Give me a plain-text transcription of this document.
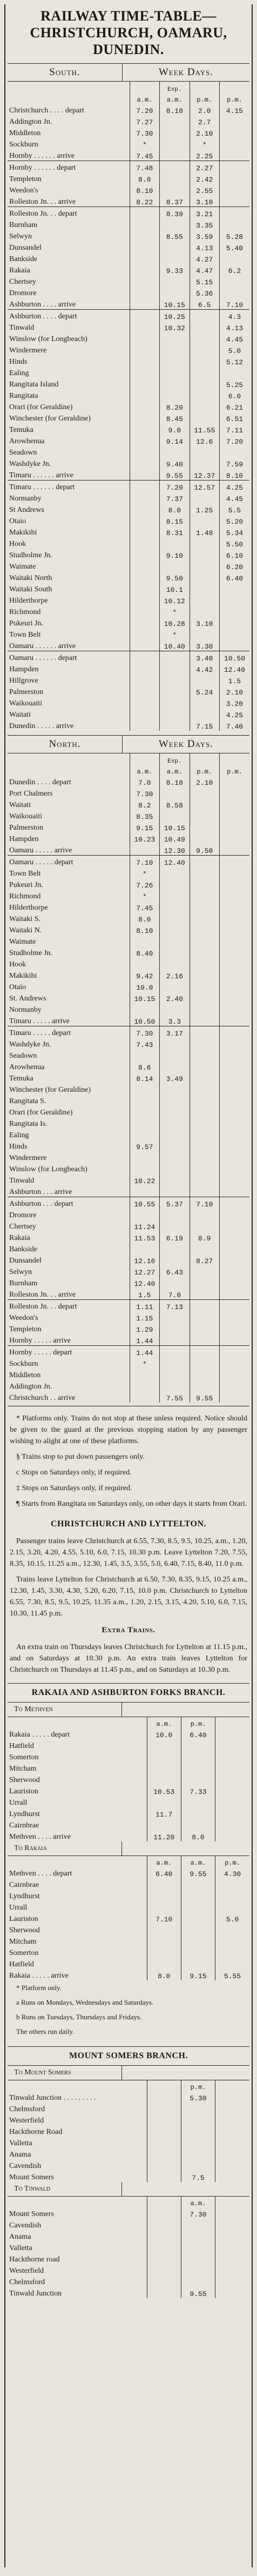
RAILWAY TIME-TABLE—CHRISTCHURCH, OAMARU, DUNEDIN.
South.	Week Days.
		Exp.		
	a.m.	a.m.	p.m.	p.m.
Christchurch . . . . depart	7.20	8.10	2.0	4.15
Addington Jn.	7.27		2.7	
Middleton	7.30		2.10	
Sockburn	*		*	
Hornby . . . . . . arrive	7.45		2.25	
Hornby . . . . . . depart	7.48		2.27	
Templeton	8.0		2.42	
Weedon's	8.10		2.55	
Rolleston Jn. . . arrive	8.22	8.37	3.10	
Rolleston Jn. . . depart		8.39	3.21	
Burnham			3.35	
Selwyn		8.55	3.59	5.28
Dunsandel			4.13	5.40
Bankside			4.27	
Rakaia		9.33	4.47	6.2
Chertsey			5.15	
Dromore			5.36	
Ashburton . . . . arrive		10.15	6.5	7.10
Ashburton . . . . depart		10.25		4.3
Tinwald		10.32		4.13
Winslow (for Longbeach)				4.45
Windermere				5.0
Hinds				5.12
Ealing				
Rangitata Island				5.25
Rangitata				6.0
Orari (for Geraldine)		8.20		6.21
Winchester (for Geraldine)		8.45		6.51
Temuka		9.0	11.55	7.11
Arowhenua		9.14	12.6	7.20
Seadown				
Washdyke Jn.		9.40		7.59
Timaru . . . . . . arrive		9.55	12.37	8.10
Timaru . . . . . . depart		7.20	12.57	4.25
Normanby		7.37		4.45
St Andrews		8.0	1.25	5.5
Otaio		8.15		5.20
Makikihi		8.31	1.48	5.34
Hook				5.50
Studholme Jn.		9.10		6.10
Waimate				6.20
Waitaki North		9.50		6.40
Waitaki South		10.1		
Hilderthorpe		10.12		
Richmond		*		
Pukeuri Jn.		10.28	3.10	
Town Belt		*		
Oamaru . . . . . . arrive		10.40	3.30	
Oamaru . . . . . . depart			3.40	10.50
Hampden			4.42	12.40
Hillgrove				1.5
Palmerston			5.24	2.10
Waikouaiti				3.20
Waitati				4.25
Dunedin . . . . . arrive			7.15	7.40
North.	Week Days.
		Exp.		
	a.m.	a.m.	p.m.	p.m.
Dunedin . . . . depart	7.0	8.10	2.10	
Port Chalmers	7.30			
Waitati	8.2	8.58		
Waikouaiti	8.35			
Palmerston	9.15	10.15		
Hampden	10.23	10.49		
Oamaru . . . . . arrive		12.30	9.50	
Oamaru . . . . . depart	7.10	12.40		
Town Belt	*			
Pukeuri Jn.	7.26			
Richmond	*			
Hilderthorpe	7.45			
Waitaki S.	8.0			
Waitaki N.	8.10			
Waimate				
Studholme Jn.	8.40			
Hook				
Makikihi	9.42	2.16		
Otaio	10.0			
St. Andrews	10.15	2.40		
Normanby				
Timaru . . . . . arrive	10.50	3.3		
Timaru . . . . . depart	7.30	3.17		
Washdyke Jn.	7.43			
Seadown				
Arowhenua	8.6			
Temuka	8.14	3.49		
Winchester (for Geraldine)				
Rangitata S.				
Orari (for Geraldine)				
Rangitata Is.				
Ealing				
Hinds	9.57			
Windermere				
Winslow (for Longbeach)				
Tinwald	10.22			
Ashburton . . . arrive				
Ashburton . . . depart	10.55	5.37	7.10	
Dromore				
Chertsey	11.24			
Rakaia	11.53	6.19	8.9	
Bankside				
Dunsandel	12.16		8.27	
Selwyn	12.27	6.43		
Burnham	12.40			
Rolleston Jn. . . arrive	1.5	7.0		
Rolleston Jn. . . depart	1.11	7.13		
Weedon's	1.15			
Templeton	1.29			
Hornby . . . . . arrive	1.44			
Hornby . . . . . depart	1.44			
Sockburn	*			
Middleton				
Addington Jn.				
Christchurch . . arrive		7.55	9.55	

* Platforms only. Trains do not stop at these unless required. Notice should be given to the guard at the previous stopping station by any passenger wishing to alight at one of these platforms.

§ Trains stop to put down passengers only.

c Stops on Saturdays only, if required.

‡ Stops on Saturdays only, if required.

¶ Starts from Rangitata on Saturdays only, on other days it starts from Orari.

CHRISTCHURCH AND LYTTELTON.

Passenger trains leave Christchurch at 6.55, 7.30, 8.5, 9.5, 10.25, a.m., 1.20, 2.15, 3.20, 4.20, 4.55, 5.10, 6.0, 7.15, 10.30 p.m. Leave Lyttelton 7.20, 7.55, 8.35, 10.15, 11.25 a.m., 12.30, 1.45, 3.5, 3.55, 5.0, 6.40, 7.15, 8.40, 11.0 p.m.

Trains leave Lyttelton for Christchurch at 6.50, 7.30, 8.35, 9.15, 10.25 a.m., 12.30, 1.45, 3.30, 4.30, 5.20, 6.20, 7.15, 10.0 p.m. Christchurch to Lyttelton 6.55, 7.30, 8.5, 9.5, 10.25, 11.35 a.m., 1.20, 2.15, 3.15, 4.20, 5.10, 6.0, 7.15, 10.30, 11.45 p.m.

Extra Trains.

An extra train on Thursdays leaves Christchurch for Lyttelton at 11.15 p.m., and on Saturdays at 10.30 p.m. An extra train leaves Lyttelton for Christchurch on Thursdays at 11.45 p.m., and on Saturdays at 10.30 p.m.

RAKAIA AND ASHBURTON FORKS BRANCH.
To Methven
	a.m.	p.m.	
Rakaia . . . . . depart	10.0	6.40	
Hatfield			
Somerton			
Mitcham			
Sherwood			
Lauriston	10.53	7.33	
Urrall			
Lyndhurst	11.7		
Cairnbrae			
Methven . . . . arrive	11.20	8.0	
To Rakaia
	a.m.	a.m.	p.m.
Methven . . . . depart	6.40	9.55	4.30
Cairnbrae			
Lyndhurst			
Urrall			
Lauriston	7.10		5.0
Sherwood			
Mitcham			
Somerton			
Hatfield			
Rakaia . . . . . arrive	8.0	9.15	5.55
* Platform only.
a Runs on Mondays, Wednesdays and Saturdays.
b Runs on Tuesdays, Thursdays and Fridays.
The others run daily.
MOUNT SOMERS BRANCH.
To Mount Somers
		p.m.	
Tinwald Junction . . . . . . . . .		5.30	
Chelmsford			
Westerfield			
Hackthorne Road			
Valletta			
Anama			
Cavendish			
Mount Somers		7.5	
To Tinwald
		a.m.	
Mount Somers		7.30	
Cavendish			
Anama			
Valletta			
Hackthorne road			
Westerfield			
Chelmsford			
Tinwald Junction		9.55	
